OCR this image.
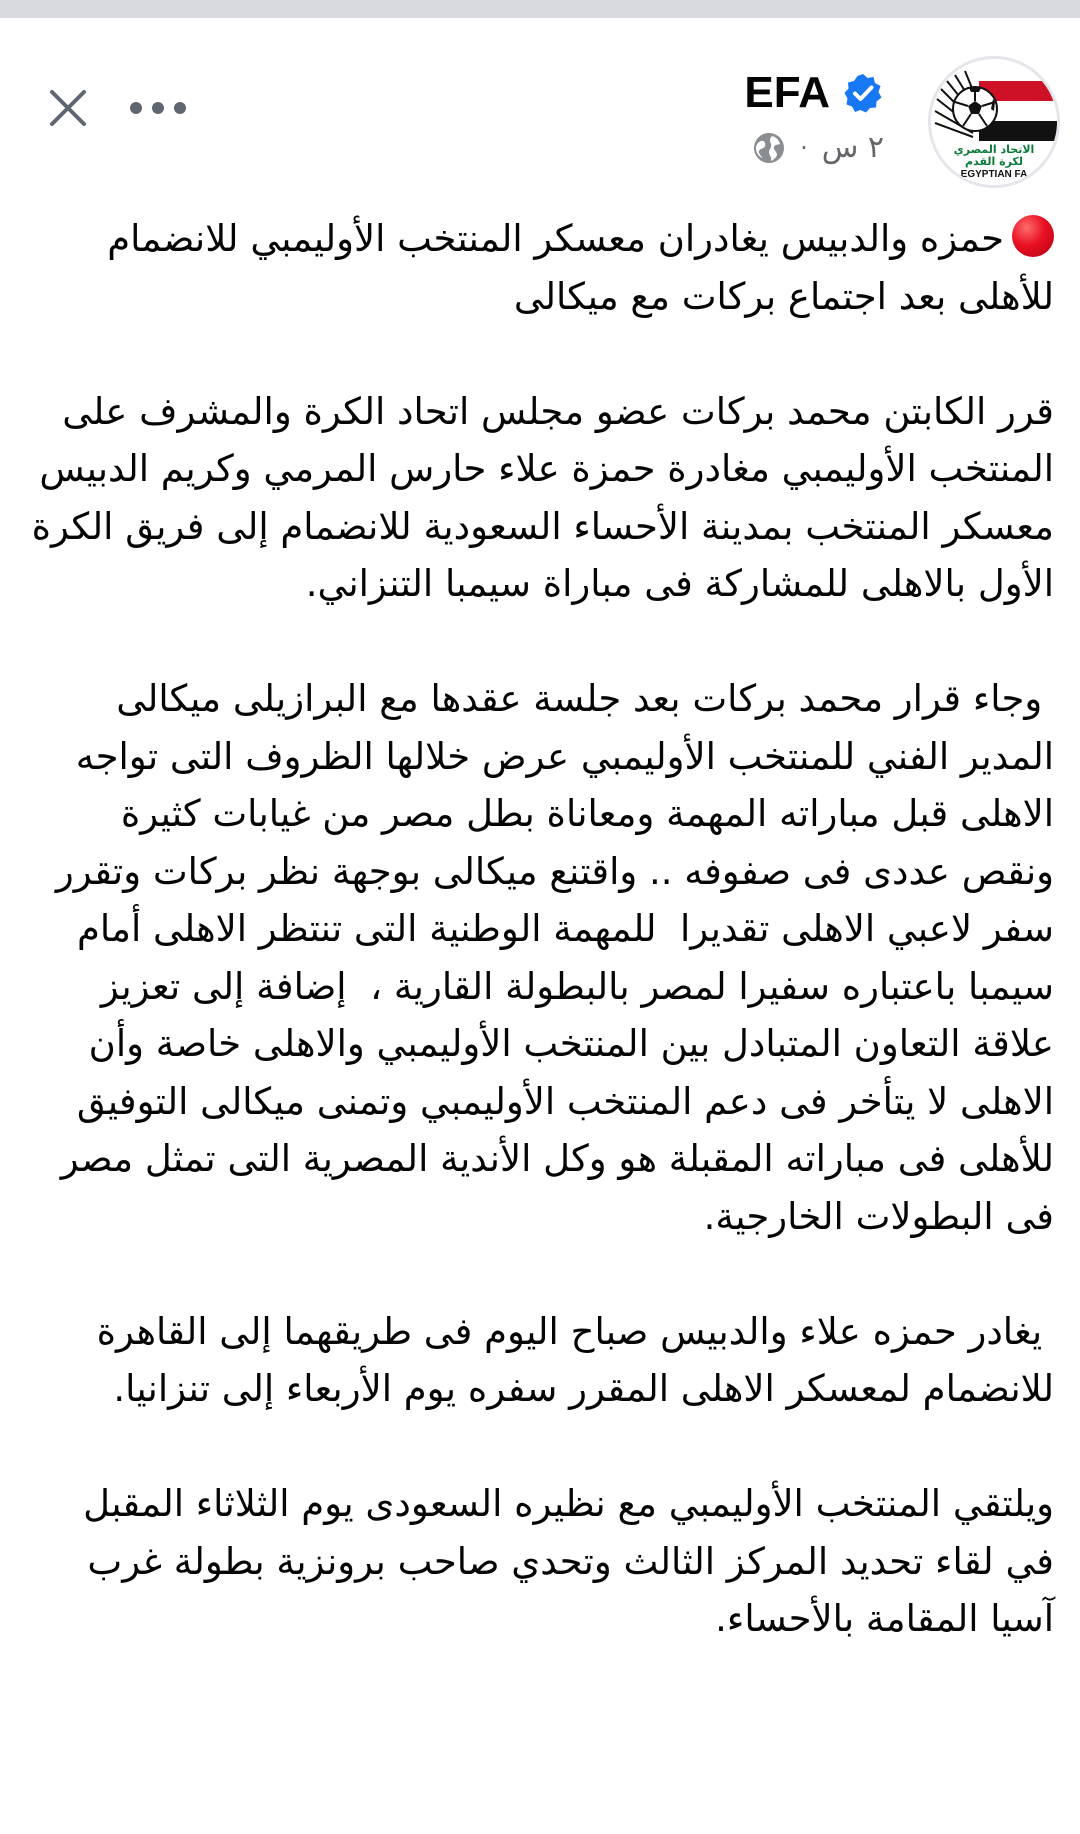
EFA
· ٢ س	الاتحاد المصري
لكرة القدم
EGYPTIAN FA

حمزه والدبيس يغادران معسكر المنتخب الأوليمبي للانضمام للأهلى بعد اجتماع بركات مع ميكالى

قرر الكابتن محمد بركات عضو مجلس اتحاد الكرة والمشرف على المنتخب الأوليمبي مغادرة حمزة علاء حارس المرمي وكريم الدبيس معسكر المنتخب بمدينة الأحساء السعودية للانضمام إلى فريق الكرة الأول بالاهلى للمشاركة فى مباراة سيمبا التنزاني.

وجاء قرار محمد بركات بعد جلسة عقدها مع البرازيلى ميكالى المدير الفني للمنتخب الأوليمبي عرض خلالها الظروف التى تواجه الاهلى قبل مباراته المهمة ومعاناة بطل مصر من غيابات كثيرة ونقص عددى فى صفوفه .. واقتنع ميكالى بوجهة نظر بركات وتقرر  سفر لاعبي الاهلى تقديرا  للمهمة الوطنية التى تنتظر الاهلى أمام سيمبا باعتباره سفيرا لمصر بالبطولة القارية ،  إضافة إلى تعزيز علاقة التعاون المتبادل بين المنتخب الأوليمبي والاهلى خاصة وأن الاهلى لا يتأخر فى دعم المنتخب الأوليمبي وتمنى ميكالى التوفيق للأهلى فى مباراته المقبلة هو وكل الأندية المصرية التى تمثل مصر فى البطولات الخارجية.

يغادر حمزه علاء والدبيس صباح اليوم فى طريقهما إلى القاهرة للانضمام لمعسكر الاهلى المقرر سفره يوم الأربعاء إلى تنزانيا.

ويلتقي المنتخب الأوليمبي مع نظيره السعودى يوم الثلاثاء المقبل في لقاء تحديد المركز الثالث وتحدي صاحب برونزية بطولة غرب آسيا المقامة بالأحساء.
